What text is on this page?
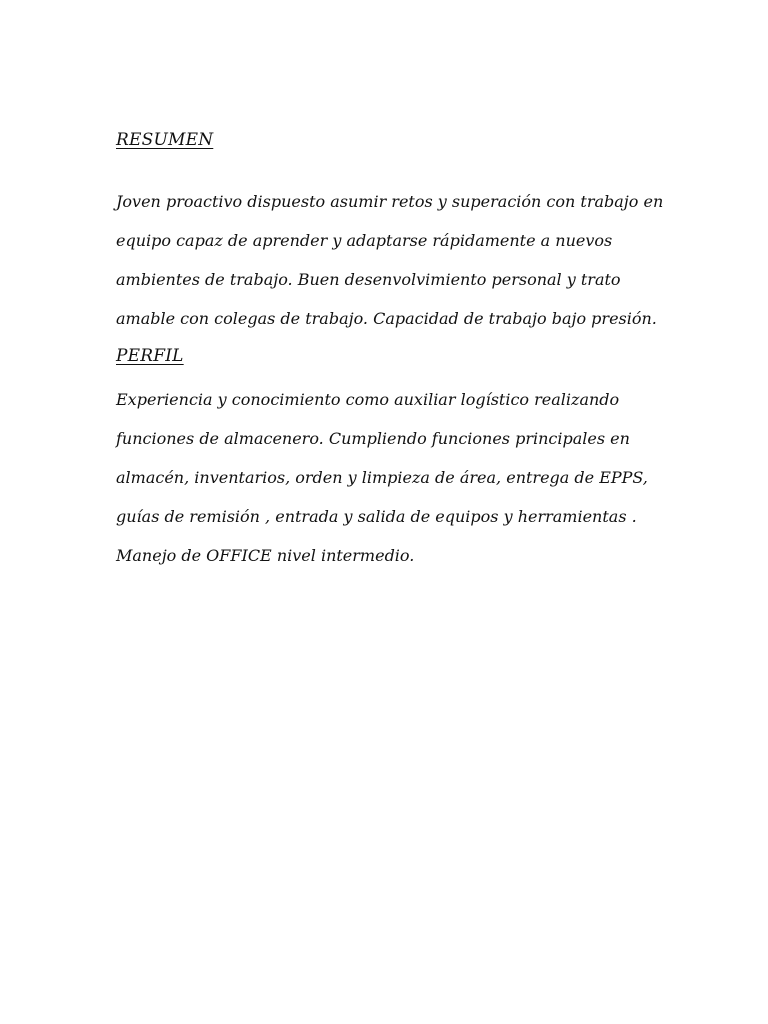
RESUMEN
Joven proactivo dispuesto asumir retos y superación con trabajo en
equipo capaz de aprender y adaptarse rápidamente a nuevos
ambientes de trabajo. Buen desenvolvimiento personal y trato
amable con colegas de trabajo. Capacidad de trabajo bajo presión.
PERFIL
Experiencia y conocimiento como auxiliar logístico realizando
funciones de almacenero. Cumpliendo funciones principales en
almacén, inventarios, orden y limpieza de área, entrega de EPPS,
guías de remisión , entrada y salida de equipos y herramientas .
Manejo de OFFICE nivel intermedio.
